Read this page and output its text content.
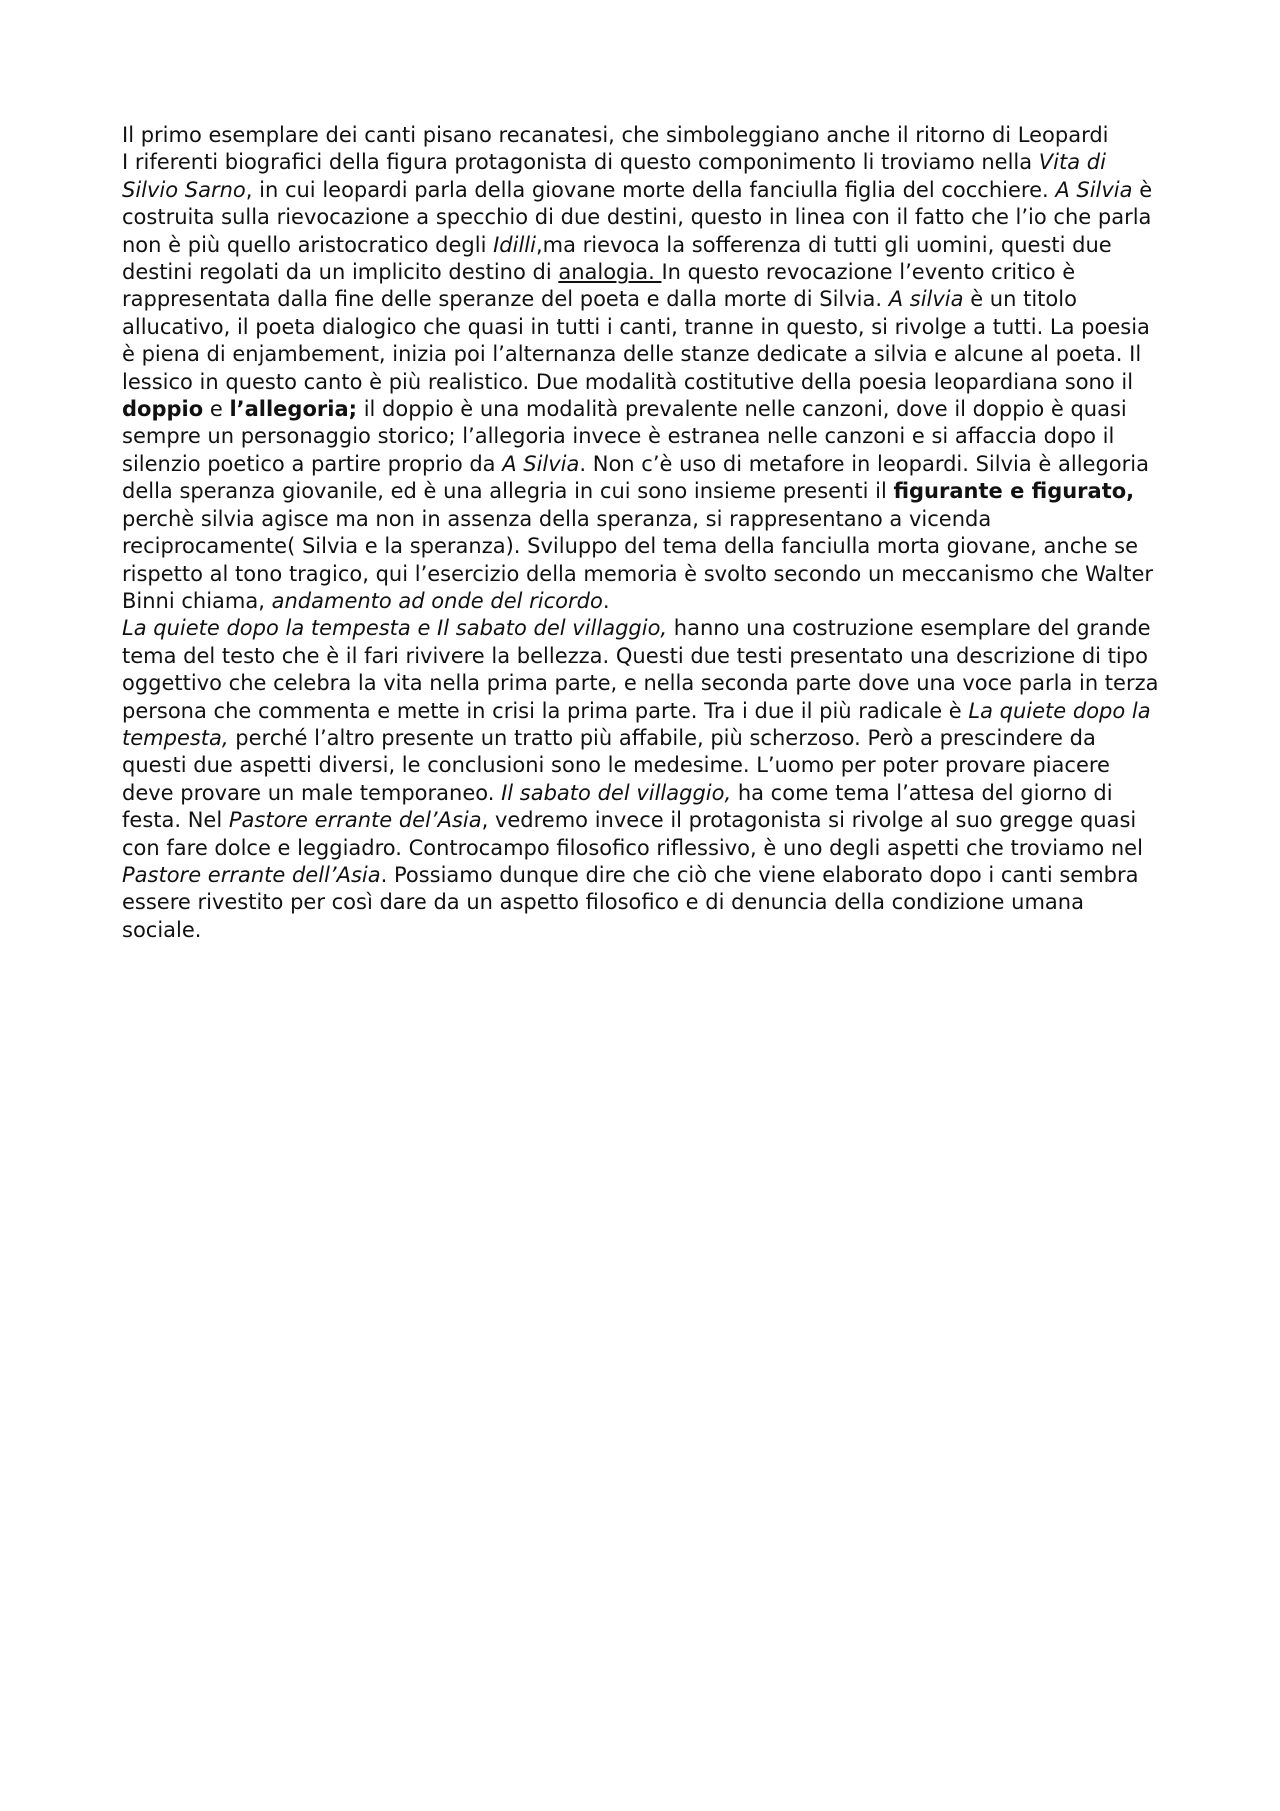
Il primo esemplare dei canti pisano recanatesi, che simboleggiano anche il ritorno di Leopardi

I riferenti biografici della figura protagonista di questo componimento li troviamo nella Vita di Silvio Sarno, in cui leopardi parla della giovane morte della fanciulla figlia del cocchiere. A Silvia è costruita sulla rievocazione a specchio di due destini, questo in linea con il fatto che l’io che parla non è più quello aristocratico degli Idilli,ma rievoca la sofferenza di tutti gli uomini, questi due destini regolati da un implicito destino di analogia. In questo revocazione l’evento critico è rappresentata dalla fine delle speranze del poeta e dalla morte di Silvia. A silvia è un titolo allucativo, il poeta dialogico che quasi in tutti i canti, tranne in questo, si rivolge a tutti. La poesia è piena di enjambement, inizia poi l’alternanza delle stanze dedicate a silvia e alcune al poeta. Il lessico in questo canto è più realistico. Due modalità costitutive della poesia leopardiana sono il doppio e l’allegoria; il doppio è una modalità prevalente nelle canzoni, dove il doppio è quasi sempre un personaggio storico; l’allegoria invece è estranea nelle canzoni e si affaccia dopo il silenzio poetico a partire proprio da A Silvia. Non c’è uso di metafore in leopardi. Silvia è allegoria della speranza giovanile, ed è una allegria in cui sono insieme presenti il figurante e figurato, perchè silvia agisce ma non in assenza della speranza, si rappresentano a vicenda reciprocamente( Silvia e la speranza). Sviluppo del tema della fanciulla morta giovane, anche se rispetto al tono tragico, qui l’esercizio della memoria è svolto secondo un meccanismo che Walter Binni chiama, andamento ad onde del ricordo.

La quiete dopo la tempesta e Il sabato del villaggio, hanno una costruzione esemplare del grande tema del testo che è il fari rivivere la bellezza. Questi due testi presentato una descrizione di tipo oggettivo che celebra la vita nella prima parte, e nella seconda parte dove una voce parla in terza persona che commenta e mette in crisi la prima parte. Tra i due il più radicale è La quiete dopo la tempesta, perché l’altro presente un tratto più affabile, più scherzoso. Però a prescindere da questi due aspetti diversi, le conclusioni sono le medesime. L’uomo per poter provare piacere deve provare un male temporaneo. Il sabato del villaggio, ha come tema l’attesa del giorno di festa. Nel Pastore errante del’Asia, vedremo invece il protagonista si rivolge al suo gregge quasi con fare dolce e leggiadro. Controcampo filosofico riflessivo, è uno degli aspetti che troviamo nel Pastore errante dell’Asia. Possiamo dunque dire che ciò che viene elaborato dopo i canti sembra essere rivestito per così dare da un aspetto filosofico e di denuncia della condizione umana sociale.
